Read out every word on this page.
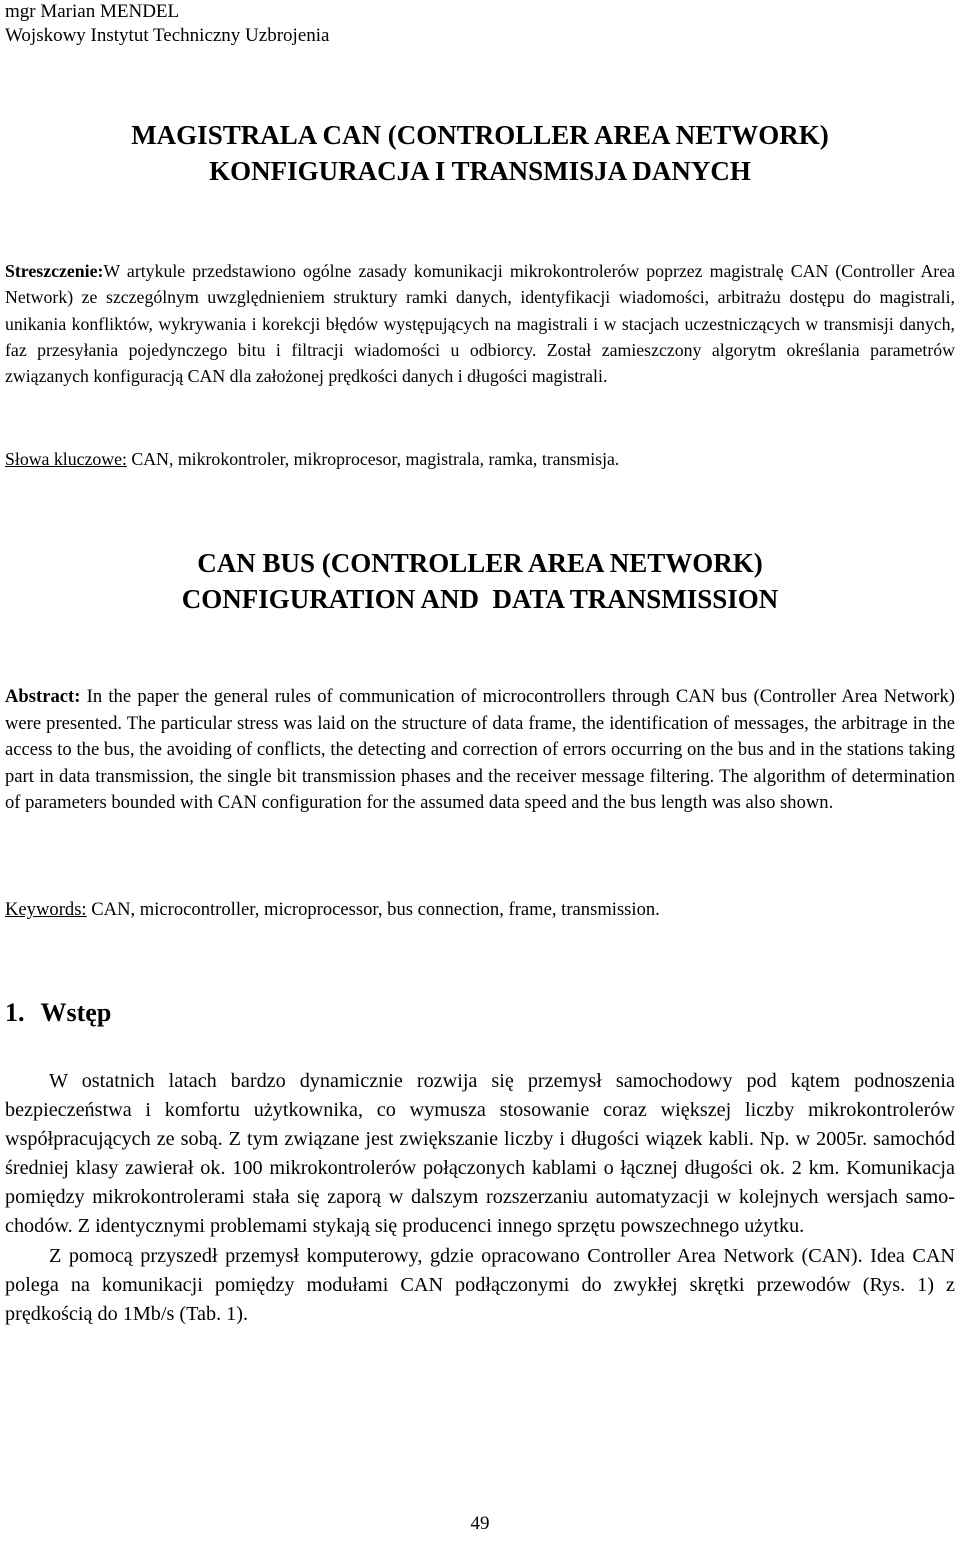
mgr Marian MENDEL
Wojskowy Instytut Techniczny Uzbrojenia
MAGISTRALA CAN (CONTROLLER AREA NETWORK)
KONFIGURACJA I TRANSMISJA DANYCH
Streszczenie:W artykule przedstawiono ogólne zasady komunikacji mikrokontrolerów poprzez magistralę CAN (Controller Area Network) ze szczególnym uwzględnieniem struktury ramki danych, identyfikacji wiadomości, arbitrażu dostępu do magistrali, unikania konfliktów, wykrywania i korekcji błędów występujących na magistrali i w stacjach uczestniczących w transmisji danych, faz przesyłania pojedynczego bitu i filtracji wiadomości u odbiorcy. Został zamieszczony algorytm określania parametrów związanych konfiguracją CAN dla założonej prędkości danych i długości magistrali.
Słowa kluczowe: CAN, mikrokontroler, mikroprocesor, magistrala, ramka, transmisja.
CAN BUS (CONTROLLER AREA NETWORK)
CONFIGURATION AND  DATA TRANSMISSION
Abstract: In the paper the general rules of communication of microcontrollers through CAN bus (Controller Area Network) were presented. The particular stress was laid on the structure of data frame, the identification of messages, the arbitrage in the access to the bus, the avoiding of conflicts, the detecting and correction of errors occurring on the bus and in the stations taking part in data transmission, the single bit transmission phases and the receiver message filtering. The algorithm of determination of parameters bounded with CAN configuration for the assumed data speed and the bus length was also shown.
Keywords: CAN, microcontroller, microprocessor, bus connection, frame, transmission.
1. Wstęp

W ostatnich latach bardzo dynamicznie rozwija się przemysł samochodowy pod kątem podnoszenia bezpieczeństwa i komfortu użytkownika, co wymusza stosowanie coraz większej liczby mikrokontrolerów współpracujących ze sobą. Z tym związane jest zwiększanie liczby i długości wiązek kabli. Np. w 2005r. samochód średniej klasy zawierał ok. 100 mikrokontrolerów połączonych kablami o łącznej długości ok. 2 km. Komunikacja pomiędzy mikrokontrolerami stała się zaporą w dalszym rozszerzaniu automatyzacji w kolejnych wersjach samochodów. Z identycznymi problemami stykają się producenci innego sprzętu powszechnego użytku.

Z pomocą przyszedł przemysł komputerowy, gdzie opracowano Controller Area Network (CAN). Idea CAN polega na komunikacji pomiędzy modułami CAN podłączonymi do zwykłej skrętki przewodów (Rys. 1) z prędkością do 1Mb/s (Tab. 1).

49
